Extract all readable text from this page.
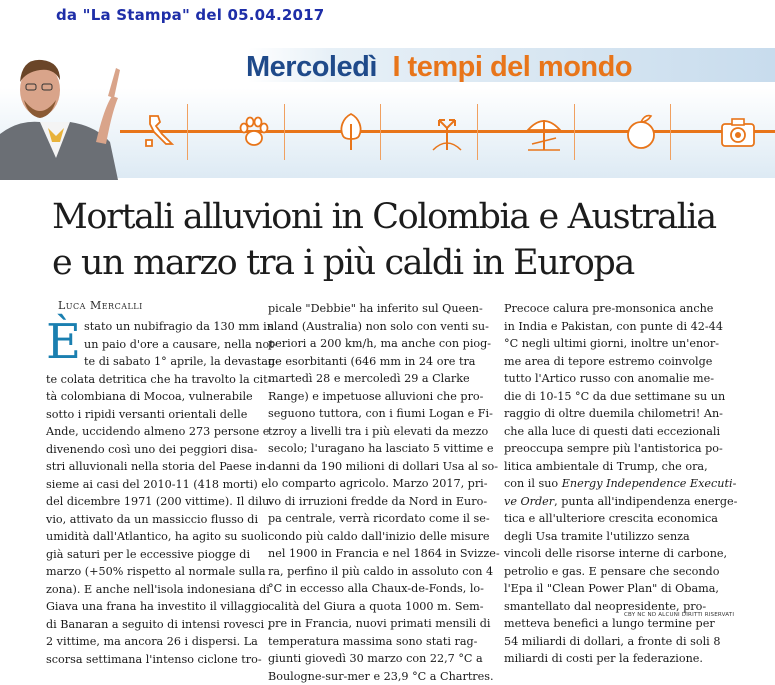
da "La Stampa" del 05.04.2017
Mercoledì I tempi del mondo
Mortali alluvioni in Colombia e Australia
e un marzo tra i più caldi in Europa
Luca Mercalli
È stato un nubifragio da 130 mm in
un paio d'ore a causare, nella not-
te di sabato 1° aprile, la devastan-
te colata detritica che ha travolto la cit-
tà colombiana di Mocoa, vulnerabile
sotto i ripidi versanti orientali delle
Ande, uccidendo almeno 273 persone e
divenendo così uno dei peggiori disa-
stri alluvionali nella storia del Paese in-
sieme ai casi del 2010-11 (418 morti) e
del dicembre 1971 (200 vittime). Il dilu-
vio, attivato da un massiccio flusso di
umidità dall'Atlantico, ha agito su suoli
già saturi per le eccessive piogge di
marzo (+50% rispetto al normale sulla
zona). E anche nell'isola indonesiana di
Giava una frana ha investito il villaggio
di Banaran a seguito di intensi rovesci ,
2 vittime, ma ancora 26 i dispersi. La
scorsa settimana l'intenso ciclone tro-

picale "Debbie" ha inferito sul Queen-

sland (Australia) non solo con venti su-

periori a 200 km/h, ma anche con piog-

ge esorbitanti (646 mm in 24 ore tra

martedì 28 e mercoledì 29 a Clarke

Range) e impetuose alluvioni che pro-

seguono tuttora, con i fiumi Logan e Fi-

tzroy a livelli tra i più elevati da mezzo

secolo; l'uragano ha lasciato 5 vittime e

danni da 190 milioni di dollari Usa al so-

lo comparto agricolo. Marzo 2017, pri-

vo di irruzioni fredde da Nord in Euro-

pa centrale, verrà ricordato come il se-

condo più caldo dall'inizio delle misure

nel 1900 in Francia e nel 1864 in Svizze-

ra, perfino il più caldo in assoluto con 4

°C in eccesso alla Chaux-de-Fonds, lo-

calità del Giura a quota 1000 m. Sem-

pre in Francia, nuovi primati mensili di

temperatura massima sono stati rag-

giunti giovedì 30 marzo con 22,7 °C a

Boulogne-sur-mer e 23,9 °C a Chartres.

Precoce calura pre-monsonica anche

in India e Pakistan, con punte di 42-44

°C negli ultimi giorni, inoltre un'enor-

me area di tepore estremo coinvolge

tutto l'Artico russo con anomalie me-

die di 10-15 °C da due settimane su un

raggio di oltre duemila chilometri! An-

che alla luce di questi dati eccezionali

preoccupa sempre più l'antistorica po-

litica ambientale di Trump, che ora,

con il suo Energy Independence Executi-

ve Order, punta all'indipendenza energe-

tica e all'ulteriore crescita economica

degli Usa tramite l'utilizzo senza

vincoli delle risorse interne di carbone,

petrolio e gas. E pensare che secondo

l'Epa il "Clean Power Plan" di Obama,

smantellato dal neopresidente, pro-

metteva benefici a lungo termine per

54 miliardi di dollari, a fronte di soli 8

miliardi di costi per la federazione.

CBY NC ND ALCUNI DIRITTI RISERVATI
